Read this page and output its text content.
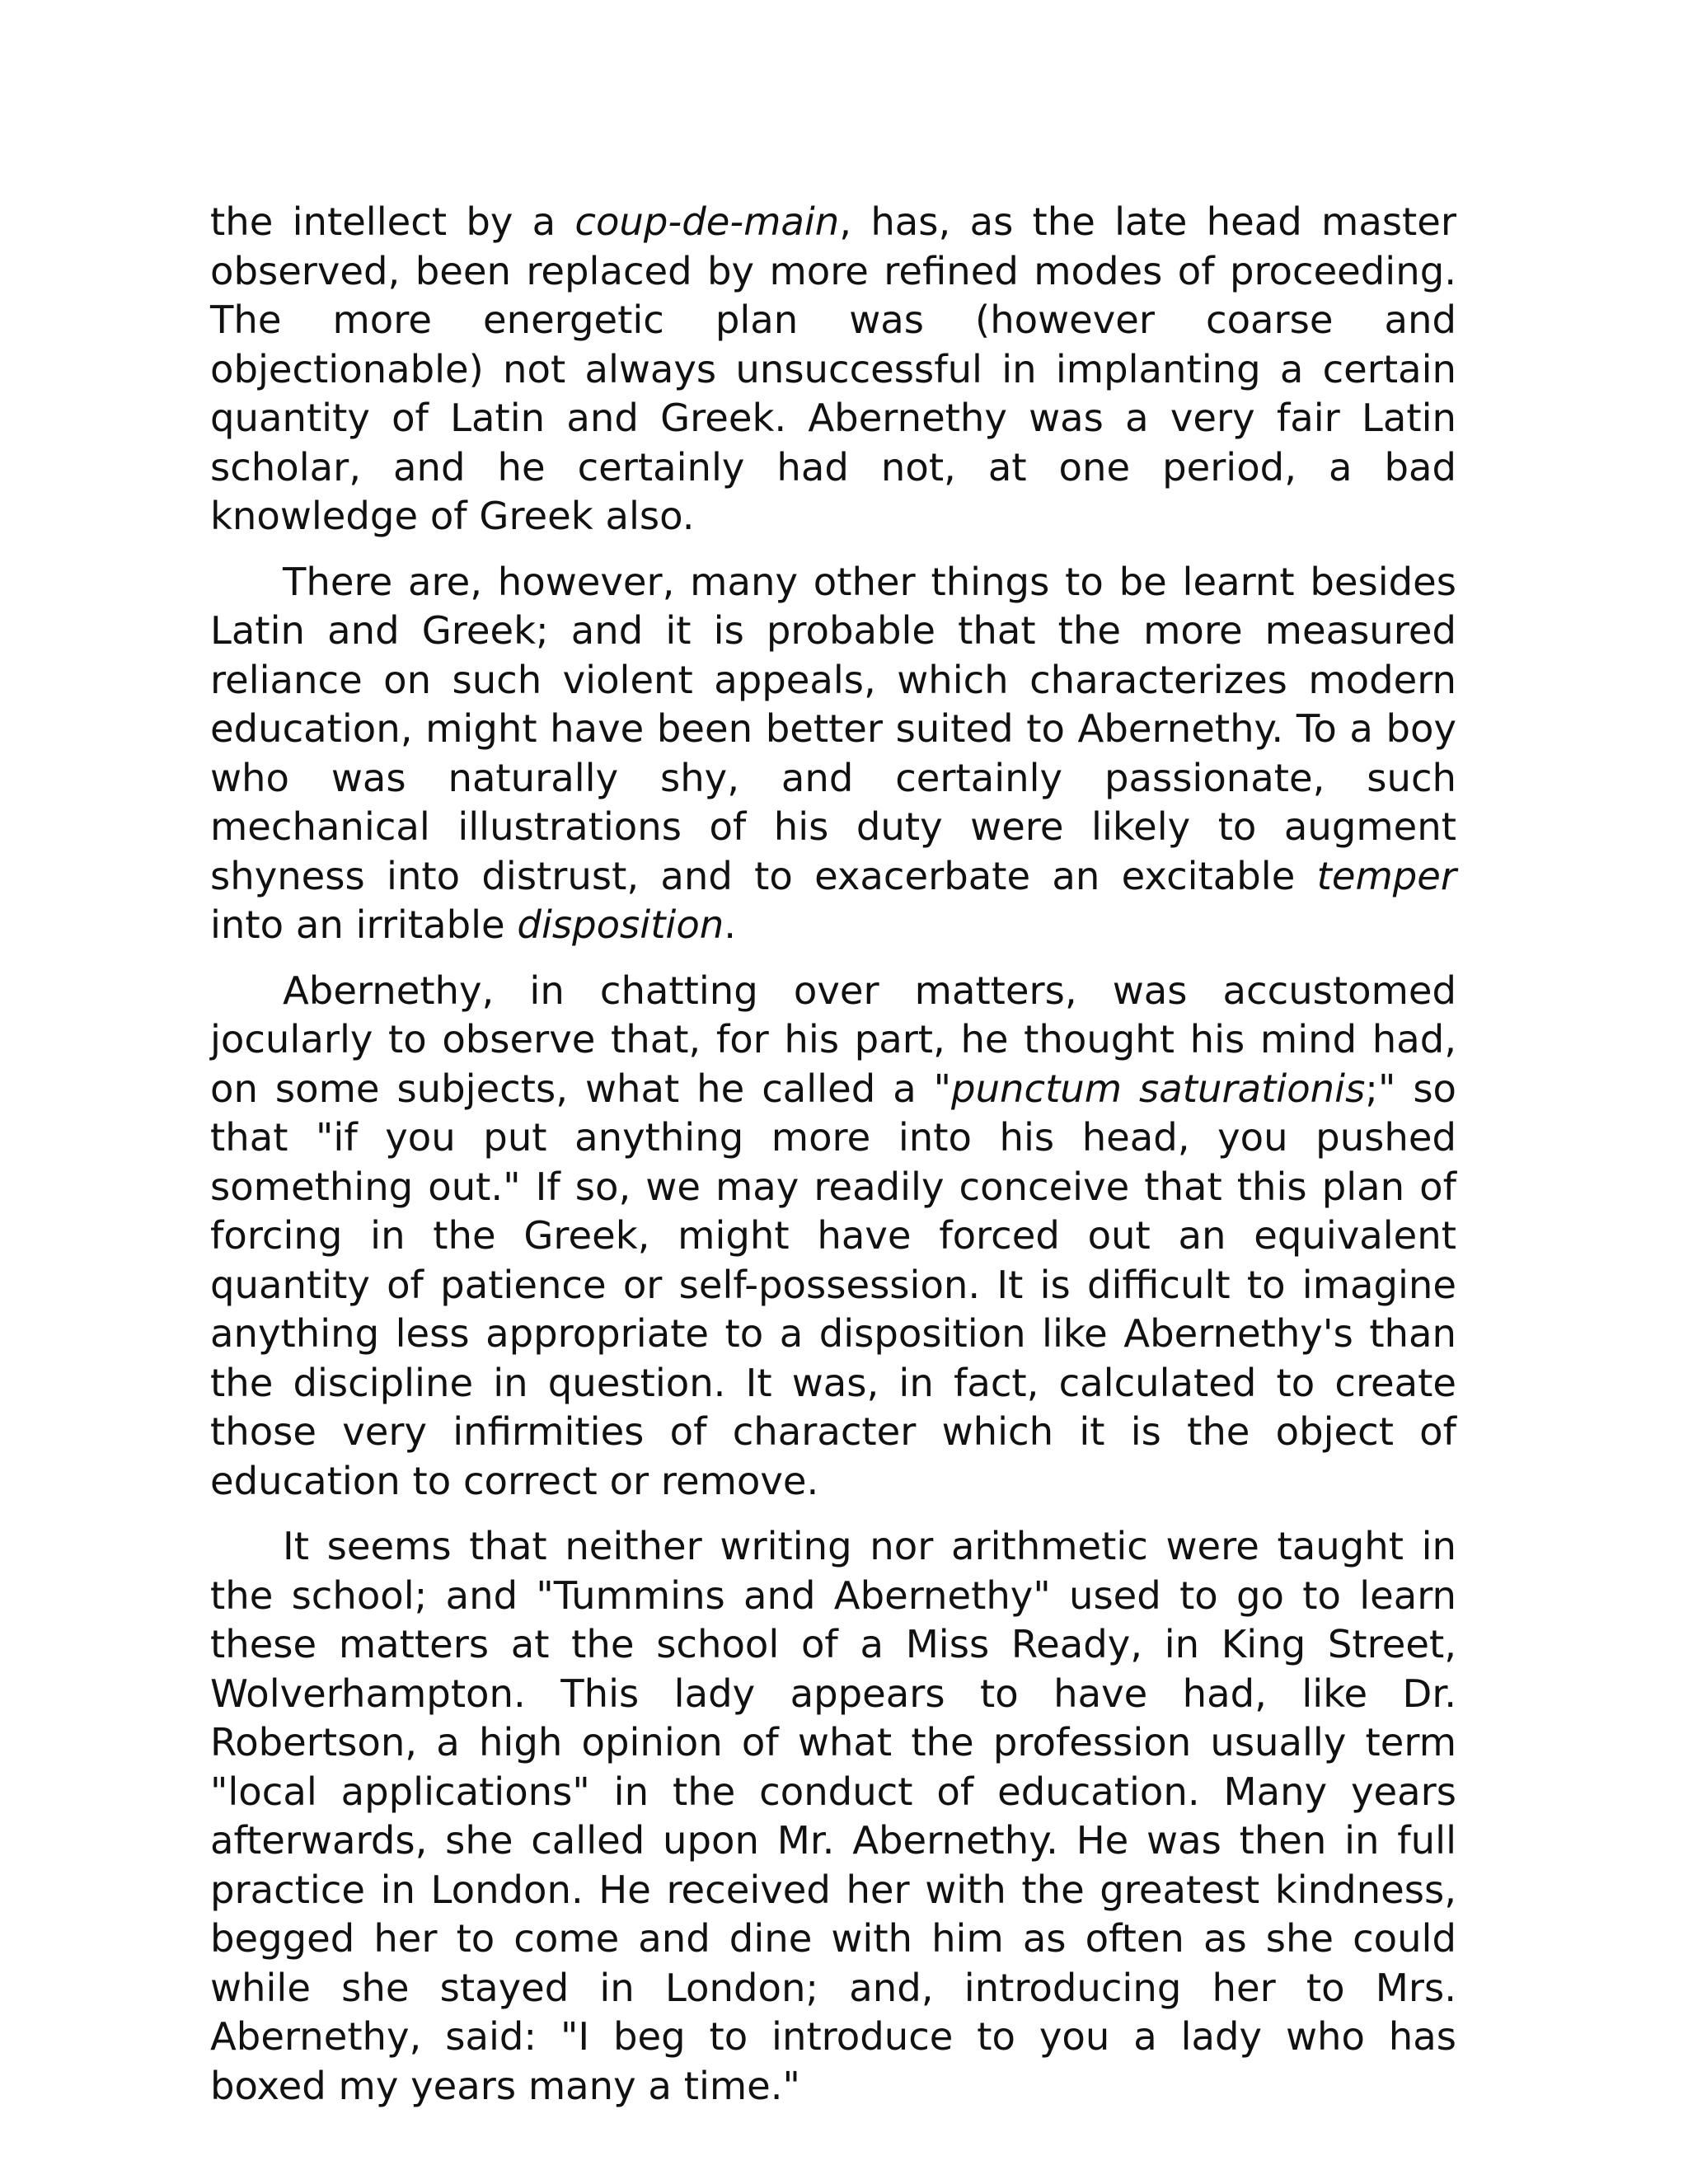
the intellect by a coup-de-main, has, as the late head master observed, been replaced by more refined modes of proceeding. The more energetic plan was (however coarse and objectionable) not always unsuccessful in implanting a certain quantity of Latin and Greek. Abernethy was a very fair Latin scholar, and he certainly had not, at one period, a bad knowledge of Greek also.

There are, however, many other things to be learnt besides Latin and Greek; and it is probable that the more measured reliance on such violent appeals, which characterizes modern education, might have been better suited to Abernethy. To a boy who was naturally shy, and certainly passionate, such mechanical illustrations of his duty were likely to augment shyness into distrust, and to exacerbate an excitable temper into an irritable disposition.

Abernethy, in chatting over matters, was accustomed jocularly to observe that, for his part, he thought his mind had, on some subjects, what he called a "punctum saturationis;" so that "if you put anything more into his head, you pushed something out." If so, we may readily conceive that this plan of forcing in the Greek, might have forced out an equivalent quantity of patience or self-possession. It is difficult to imagine anything less appropriate to a disposition like Abernethy's than the discipline in question. It was, in fact, calculated to create those very infirmities of character which it is the object of education to correct or remove.

It seems that neither writing nor arithmetic were taught in the school; and "Tummins and Abernethy" used to go to learn these matters at the school of a Miss Ready, in King Street, Wolverhampton. This lady appears to have had, like Dr. Robertson, a high opinion of what the profession usually term "local applications" in the conduct of education. Many years afterwards, she called upon Mr. Abernethy. He was then in full practice in London. He received her with the greatest kindness, begged her to come and dine with him as often as she could while she stayed in London; and, introducing her to Mrs. Abernethy, said: "I beg to introduce to you a lady who has boxed my years many a time."
